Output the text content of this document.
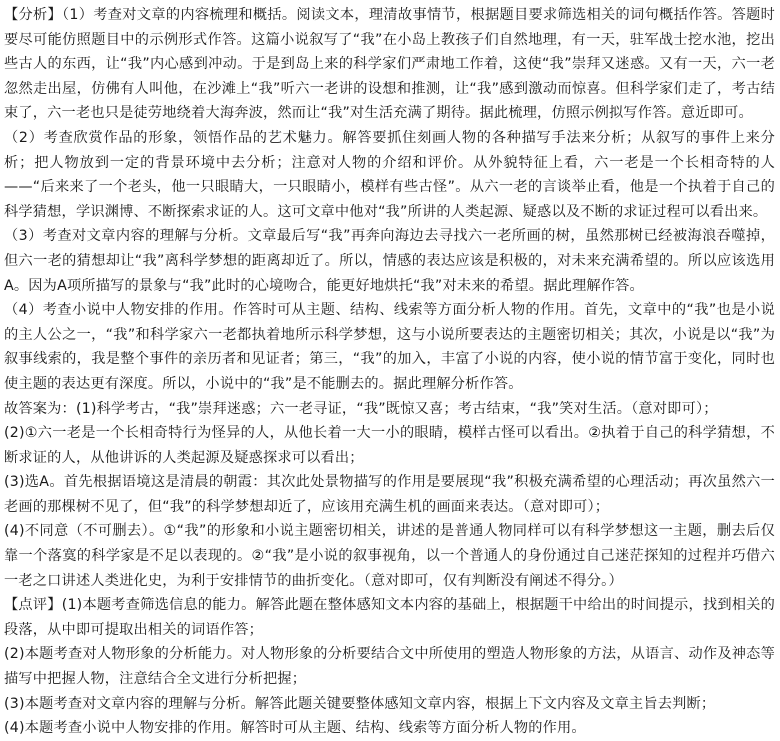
【分析】（1）考查对文章的内容梳理和概括。阅读文本，理清故事情节，根据题目要求筛选相关的词句概括作答。答题时要尽可能仿照题目中的示例形式作答。这篇小说叙写了“我”在小岛上教孩子们自然地理，有一天，驻军战士挖水池，挖出些古人的东西，让“我”内心感到冲动。于是到岛上来的科学家们严肃地工作着，这使“我”崇拜又迷惑。又有一天，六一老忽然走出屋，仿佛有人叫他，在沙滩上“我”听六一老讲的设想和推测，让“我”感到激动而惊喜。但科学家们走了，考古结束了，六一老也只是徒劳地绕着大海奔波，然而让“我”对生活充满了期待。据此梳理，仿照示例拟写作答。意近即可。

（2）考查欣赏作品的形象，领悟作品的艺术魅力。解答要抓住刻画人物的各种描写手法来分析；从叙写的事件上来分析；把人物放到一定的背景环境中去分析；注意对人物的介绍和评价。从外貌特征上看，六一老是一个长相奇特的人——“后来来了一个老头，他一只眼睛大，一只眼睛小，模样有些古怪”。从六一老的言谈举止看，他是一个执着于自己的科学猜想，学识渊博、不断探索求证的人。这可文章中他对“我”所讲的人类起源、疑惑以及不断的求证过程可以看出来。

（3）考查对文章内容的理解与分析。文章最后写“我”再奔向海边去寻找六一老所画的树，虽然那树已经被海浪吞噬掉，但六一老的猜想却让“我”离科学梦想的距离却近了。所以，情感的表达应该是积极的，对未来充满希望的。所以应该选用A。因为A项所描写的景象与“我”此时的心境吻合，能更好地烘托“我”对未来的希望。据此理解作答。

（4）考查小说中人物安排的作用。作答时可从主题、结构、线索等方面分析人物的作用。首先，文章中的“我”也是小说的主人公之一，“我”和科学家六一老都执着地所示科学梦想，这与小说所要表达的主题密切相关；其次，小说是以“我”为叙事线索的，我是整个事件的亲历者和见证者；第三，“我”的加入，丰富了小说的内容，使小说的情节富于变化，同时也使主题的表达更有深度。所以，小说中的“我”是不能删去的。据此理解分析作答。

故答案为：(1)科学考古，“我”崇拜迷惑；六一老寻证，“我”既惊又喜；考古结束，“我”笑对生活。（意对即可）；

(2)①六一老是一个长相奇特行为怪异的人，从他长着一大一小的眼睛，模样古怪可以看出。②执着于自己的科学猜想，不断求证的人，从他讲诉的人类起源及疑惑探求可以看出；

(3)选A。首先根据语境这是清晨的朝霞：其次此处景物描写的作用是要展现“我”积极充满希望的心理活动；再次虽然六一老画的那棵树不见了，但“我”的科学梦想却近了，应该用充满生机的画面来表达。（意对即可）；

(4)不同意（不可删去）。①“我”的形象和小说主题密切相关，讲述的是普通人物同样可以有科学梦想这一主题，删去后仅靠一个落寞的科学家是不足以表现的。②“我”是小说的叙事视角，以一个普通人的身份通过自己迷茫探知的过程并巧借六一老之口讲述人类进化史，为利于安排情节的曲折变化。（意对即可，仅有判断没有阐述不得分。）

【点评】(1)本题考查筛选信息的能力。解答此题在整体感知文本内容的基础上，根据题干中给出的时间提示，找到相关的段落，从中即可提取出相关的词语作答；

(2)本题考查对人物形象的分析能力。对人物形象的分析要结合文中所使用的塑造人物形象的方法，从语言、动作及神态等描写中把握人物，注意结合全文进行分析把握；

(3)本题考查对文章内容的理解与分析。解答此题关键要整体感知文章内容，根据上下文内容及文章主旨去判断；

(4)本题考查小说中人物安排的作用。解答时可从主题、结构、线索等方面分析人物的作用。
